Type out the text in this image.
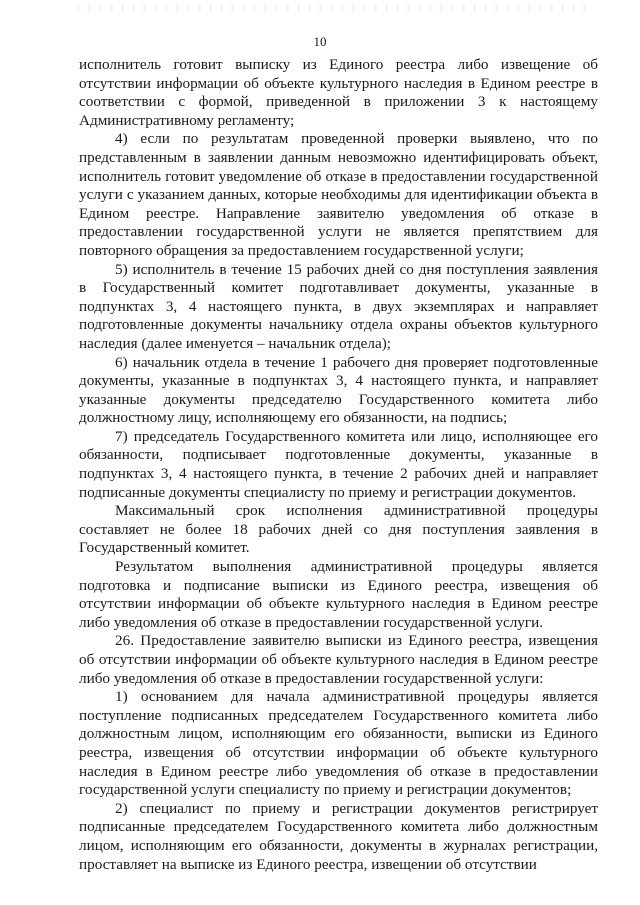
10

исполнитель готовит выписку из Единого реестра либо извещение об отсутствии информации об объекте культурного наследия в Едином реестре в соответствии с формой, приведенной в приложении 3 к настоящему Административному регламенту;

4) если по результатам проведенной проверки выявлено, что по представленным в заявлении данным невозможно идентифицировать объект, исполнитель готовит уведомление об отказе в предоставлении государственной услуги с указанием данных, которые необходимы для идентификации объекта в Едином реестре. Направление заявителю уведомления об отказе в предоставлении государственной услуги не является препятствием для повторного обращения за предоставлением государственной услуги;

5) исполнитель в течение 15 рабочих дней со дня поступления заявления в Государственный комитет подготавливает документы, указанные в подпунктах 3, 4 настоящего пункта, в двух экземплярах и направляет подготовленные документы начальнику отдела охраны объектов культурного наследия (далее именуется – начальник отдела);

6) начальник отдела в течение 1 рабочего дня проверяет подготовленные документы, указанные в подпунктах 3, 4 настоящего пункта, и направляет указанные документы председателю Государственного комитета либо должностному лицу, исполняющему его обязанности, на подпись;

7) председатель Государственного комитета или лицо, исполняющее его обязанности, подписывает подготовленные документы, указанные в подпунктах 3, 4 настоящего пункта, в течение 2 рабочих дней и направляет подписанные документы специалисту по приему и регистрации документов.

Максимальный срок исполнения административной процедуры составляет не более 18 рабочих дней со дня поступления заявления в Государственный комитет.

Результатом выполнения административной процедуры является подготовка и подписание выписки из Единого реестра, извещения об отсутствии информации об объекте культурного наследия в Едином реестре либо уведомления об отказе в предоставлении государственной услуги.

26. Предоставление заявителю выписки из Единого реестра, извещения об отсутствии информации об объекте культурного наследия в Едином реестре либо уведомления об отказе в предоставлении государственной услуги:

1) основанием для начала административной процедуры является поступление подписанных председателем Государственного комитета либо должностным лицом, исполняющим его обязанности, выписки из Единого реестра, извещения об отсутствии информации об объекте культурного наследия в Едином реестре либо уведомления об отказе в предоставлении государственной услуги специалисту по приему и регистрации документов;

2) специалист по приему и регистрации документов регистрирует подписанные председателем Государственного комитета либо должностным лицом, исполняющим его обязанности, документы в журналах регистрации, проставляет на выписке из Единого реестра, извещении об отсутствии
